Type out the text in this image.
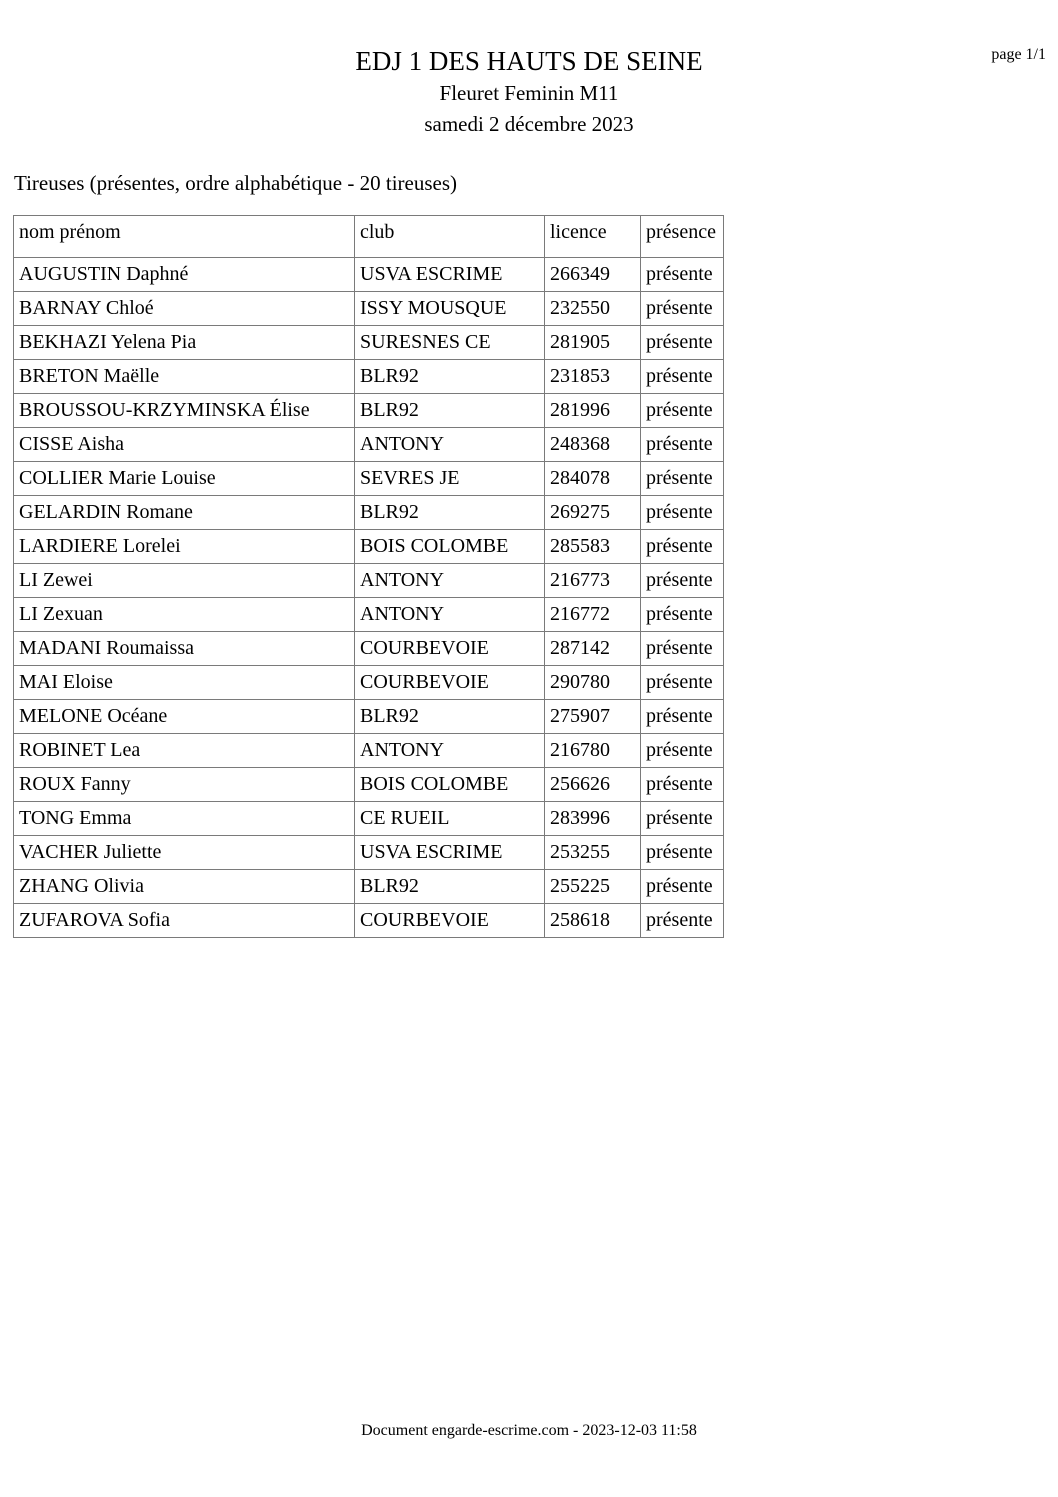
page 1/1
EDJ 1 DES HAUTS DE SEINE
Fleuret Feminin M11
samedi 2 décembre 2023
Tireuses (présentes, ordre alphabétique - 20 tireuses)
nom prénom	club	licence	présence
AUGUSTIN Daphné	USVA ESCRIME	266349	présente
BARNAY Chloé	ISSY MOUSQUE	232550	présente
BEKHAZI Yelena Pia	SURESNES CE	281905	présente
BRETON Maëlle	BLR92	231853	présente
BROUSSOU-KRZYMINSKA Élise	BLR92	281996	présente
CISSE Aisha	ANTONY	248368	présente
COLLIER Marie Louise	SEVRES JE	284078	présente
GELARDIN Romane	BLR92	269275	présente
LARDIERE Lorelei	BOIS COLOMBE	285583	présente
LI Zewei	ANTONY	216773	présente
LI Zexuan	ANTONY	216772	présente
MADANI Roumaissa	COURBEVOIE	287142	présente
MAI Eloise	COURBEVOIE	290780	présente
MELONE Océane	BLR92	275907	présente
ROBINET Lea	ANTONY	216780	présente
ROUX Fanny	BOIS COLOMBE	256626	présente
TONG Emma	CE RUEIL	283996	présente
VACHER Juliette	USVA ESCRIME	253255	présente
ZHANG Olivia	BLR92	255225	présente
ZUFAROVA Sofia	COURBEVOIE	258618	présente
Document engarde-escrime.com - 2023-12-03 11:58
